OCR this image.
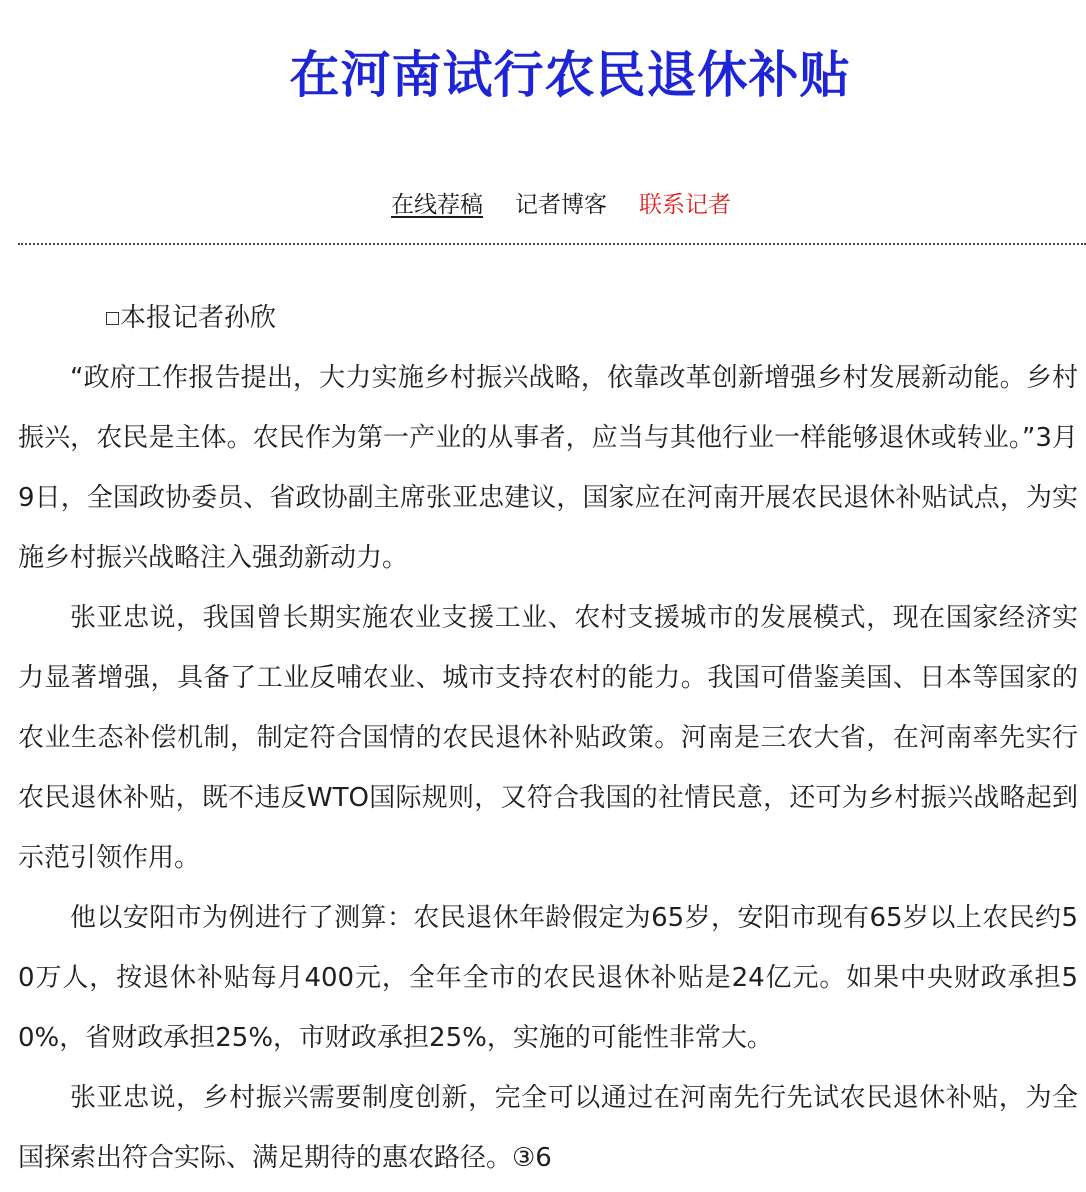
在河南试行农民退休补贴
在线荐稿 记者博客 联系记者

本报记者孙欣

“政府工作报告提出，大力实施乡村振兴战略，依靠改革创新增强乡村发展新动能。乡村振兴，农民是主体。农民作为第一产业的从事者，应当与其他行业一样能够退休或转业。”3月9日，全国政协委员、省政协副主席张亚忠建议，国家应在河南开展农民退休补贴试点，为实施乡村振兴战略注入强劲新动力。

张亚忠说，我国曾长期实施农业支援工业、农村支援城市的发展模式，现在国家经济实力显著增强，具备了工业反哺农业、城市支持农村的能力。我国可借鉴美国、日本等国家的农业生态补偿机制，制定符合国情的农民退休补贴政策。河南是三农大省，在河南率先实行农民退休补贴，既不违反WTO国际规则，又符合我国的社情民意，还可为乡村振兴战略起到示范引领作用。

他以安阳市为例进行了测算：农民退休年龄假定为65岁，安阳市现有65岁以上农民约50万人，按退休补贴每月400元，全年全市的农民退休补贴是24亿元。如果中央财政承担50%，省财政承担25%，市财政承担25%，实施的可能性非常大。

张亚忠说，乡村振兴需要制度创新，完全可以通过在河南先行先试农民退休补贴，为全国探索出符合实际、满足期待的惠农路径。③6
